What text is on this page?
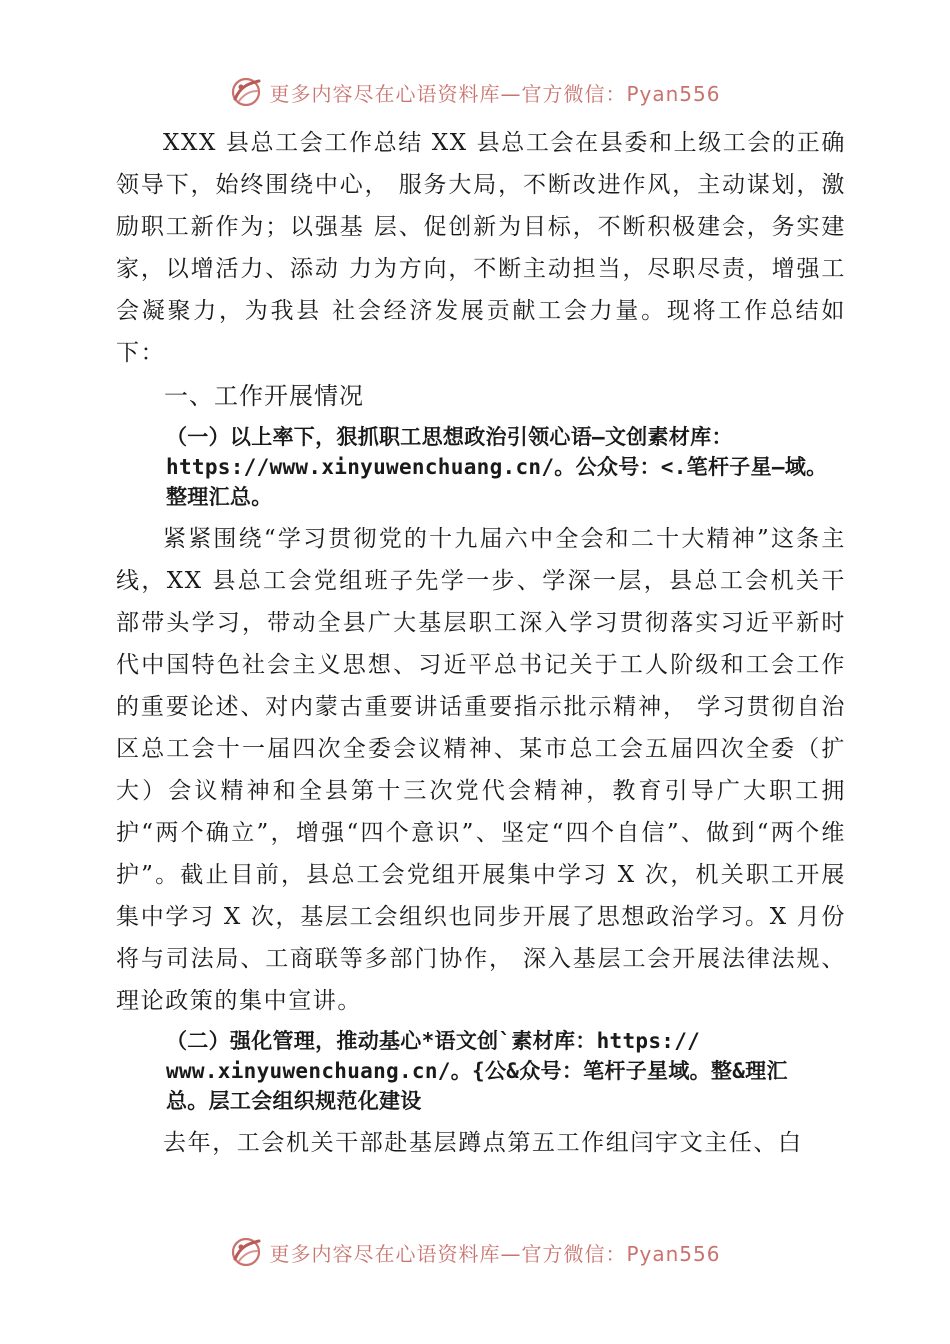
更多内容尽在心语资料库—官方微信：Pyan556

XXX 县总工会工作总结 XX 县总工会在县委和上级工会的正确领导下，始终围绕中心， 服务大局，不断改进作风，主动谋划，激励职工新作为；以强基 层、促创新为目标，不断积极建会，务实建家，以增活力、添动 力为方向，不断主动担当，尽职尽责，增强工会凝聚力，为我县 社会经济发展贡献工会力量。现将工作总结如下：

一、工作开展情况

（一）以上率下，狠抓职工思想政治引领心语—文创素材库：
https://www.xinyuwenchuang.cn/。公众号：<.笔杆子星—域。
整理汇总。

紧紧围绕“学习贯彻党的十九届六中全会和二十大精神”这条主线，XX 县总工会党组班子先学一步、学深一层，县总工会机关干部带头学习，带动全县广大基层职工深入学习贯彻落实习近平新时代中国特色社会主义思想、习近平总书记关于工人阶级和工会工作的重要论述、对内蒙古重要讲话重要指示批示精神， 学习贯彻自治区总工会十一届四次全委会议精神、某市总工会五届四次全委（扩大）会议精神和全县第十三次党代会精神，教育引导广大职工拥护“两个确立”，增强“四个意识”、坚定“四个自信”、做到“两个维护”。截止目前，县总工会党组开展集中学习 X 次，机关职工开展集中学习 X 次，基层工会组织也同步开展了思想政治学习。X 月份将与司法局、工商联等多部门协作， 深入基层工会开展法律法规、理论政策的集中宣讲。

（二）强化管理，推动基心*语文创`素材库：https://
www.xinyuwenchuang.cn/。{公&众号：笔杆子星域。整&理汇
总。层工会组织规范化建设

去年，工会机关干部赴基层蹲点第五工作组闫宇文主任、白

更多内容尽在心语资料库—官方微信：Pyan556
